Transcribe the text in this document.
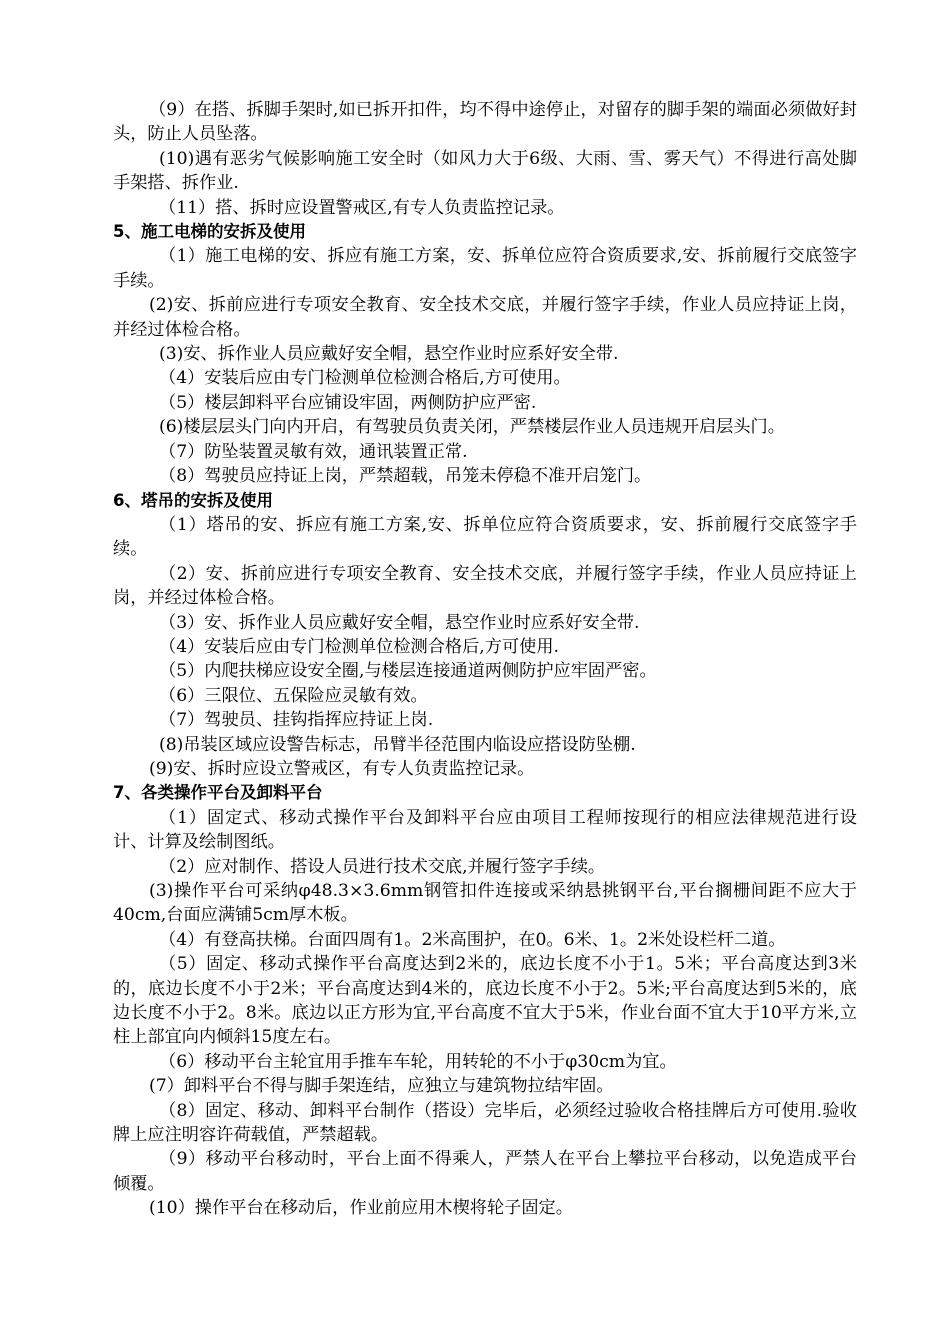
（9）在搭、拆脚手架时,如已拆开扣件，均不得中途停止，对留存的脚手架的端面必须做好封头，防止人员坠落。

(10)遇有恶劣气候影响施工安全时（如风力大于6级、大雨、雪、雾天气）不得进行高处脚手架搭、拆作业.

（11）搭、拆时应设置警戒区,有专人负责监控记录。

5、施工电梯的安拆及使用

（1）施工电梯的安、拆应有施工方案，安、拆单位应符合资质要求,安、拆前履行交底签字手续。

(2)安、拆前应进行专项安全教育、安全技术交底，并履行签字手续，作业人员应持证上岗，并经过体检合格。

(3)安、拆作业人员应戴好安全帽，悬空作业时应系好安全带.

（4）安装后应由专门检测单位检测合格后,方可使用。

（5）楼层卸料平台应铺设牢固，两侧防护应严密.

(6)楼层层头门向内开启，有驾驶员负责关闭，严禁楼层作业人员违规开启层头门。

（7）防坠装置灵敏有效，通讯装置正常.

（8）驾驶员应持证上岗，严禁超载，吊笼未停稳不准开启笼门。

6、塔吊的安拆及使用

（1）塔吊的安、拆应有施工方案,安、拆单位应符合资质要求，安、拆前履行交底签字手续。

（2）安、拆前应进行专项安全教育、安全技术交底，并履行签字手续，作业人员应持证上岗，并经过体检合格。

（3）安、拆作业人员应戴好安全帽，悬空作业时应系好安全带.

（4）安装后应由专门检测单位检测合格后,方可使用.

（5）内爬扶梯应设安全圈,与楼层连接通道两侧防护应牢固严密。

（6）三限位、五保险应灵敏有效。

（7）驾驶员、挂钩指挥应持证上岗.

(8)吊装区域应设警告标志，吊臂半径范围内临设应搭设防坠棚.

(9)安、拆时应设立警戒区，有专人负责监控记录。

7、各类操作平台及卸料平台

（1）固定式、移动式操作平台及卸料平台应由项目工程师按现行的相应法律规范进行设计、计算及绘制图纸。

（2）应对制作、搭设人员进行技术交底,并履行签字手续。

(3)操作平台可采纳φ48.3×3.6mm钢管扣件连接或采纳悬挑钢平台,平台搁栅间距不应大于40cm,台面应满铺5cm厚木板。

（4）有登高扶梯。台面四周有1。2米高围护，在0。6米、1。2米处设栏杆二道。

（5）固定、移动式操作平台高度达到2米的，底边长度不小于1。5米；平台高度达到3米的，底边长度不小于2米；平台高度达到4米的，底边长度不小于2。5米;平台高度达到5米的，底边长度不小于2。8米。底边以正方形为宜,平台高度不宜大于5米，作业台面不宜大于10平方米,立柱上部宜向内倾斜15度左右。

（6）移动平台主轮宜用手推车车轮，用转轮的不小于φ30cm为宜。

(7）卸料平台不得与脚手架连结，应独立与建筑物拉结牢固。

（8）固定、移动、卸料平台制作（搭设）完毕后，必须经过验收合格挂牌后方可使用.验收牌上应注明容许荷载值，严禁超载。

（9）移动平台移动时，平台上面不得乘人，严禁人在平台上攀拉平台移动，以免造成平台倾覆。

(10）操作平台在移动后，作业前应用木楔将轮子固定。
